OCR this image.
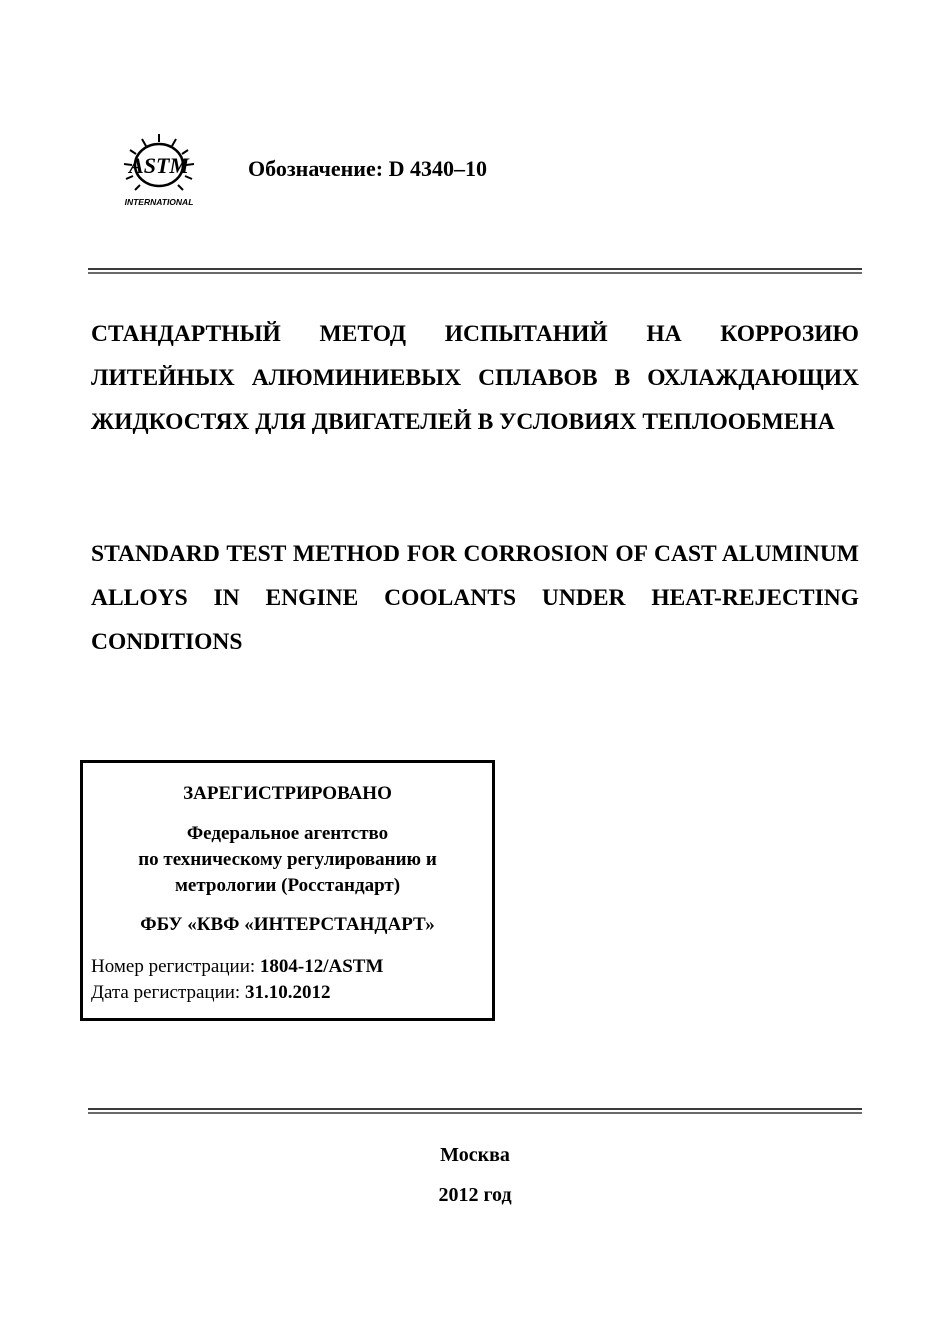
ASTM
INTERNATIONAL
Обозначение: D 4340–10

СТАНДАРТНЫЙ МЕТОД ИСПЫТАНИЙ НА КОРРОЗИЮ ЛИТЕЙНЫХ АЛЮМИНИЕВЫХ СПЛАВОВ В ОХЛАЖДАЮЩИХ ЖИДКОСТЯХ ДЛЯ ДВИГАТЕЛЕЙ В УСЛОВИЯХ ТЕПЛООБМЕНА

STANDARD TEST METHOD FOR CORROSION OF CAST ALUMINUM ALLOYS IN ENGINE COOLANTS UNDER HEAT-REJECTING CONDITIONS

ЗАРЕГИСТРИРОВАНО
Федеральное агентство
по техническому регулированию и
метрологии (Росстандарт)
ФБУ «КВФ «ИНТЕРСТАНДАРТ»
Номер регистрации: 1804-12/ASTM
Дата регистрации: 31.10.2012
Москва
2012 год
